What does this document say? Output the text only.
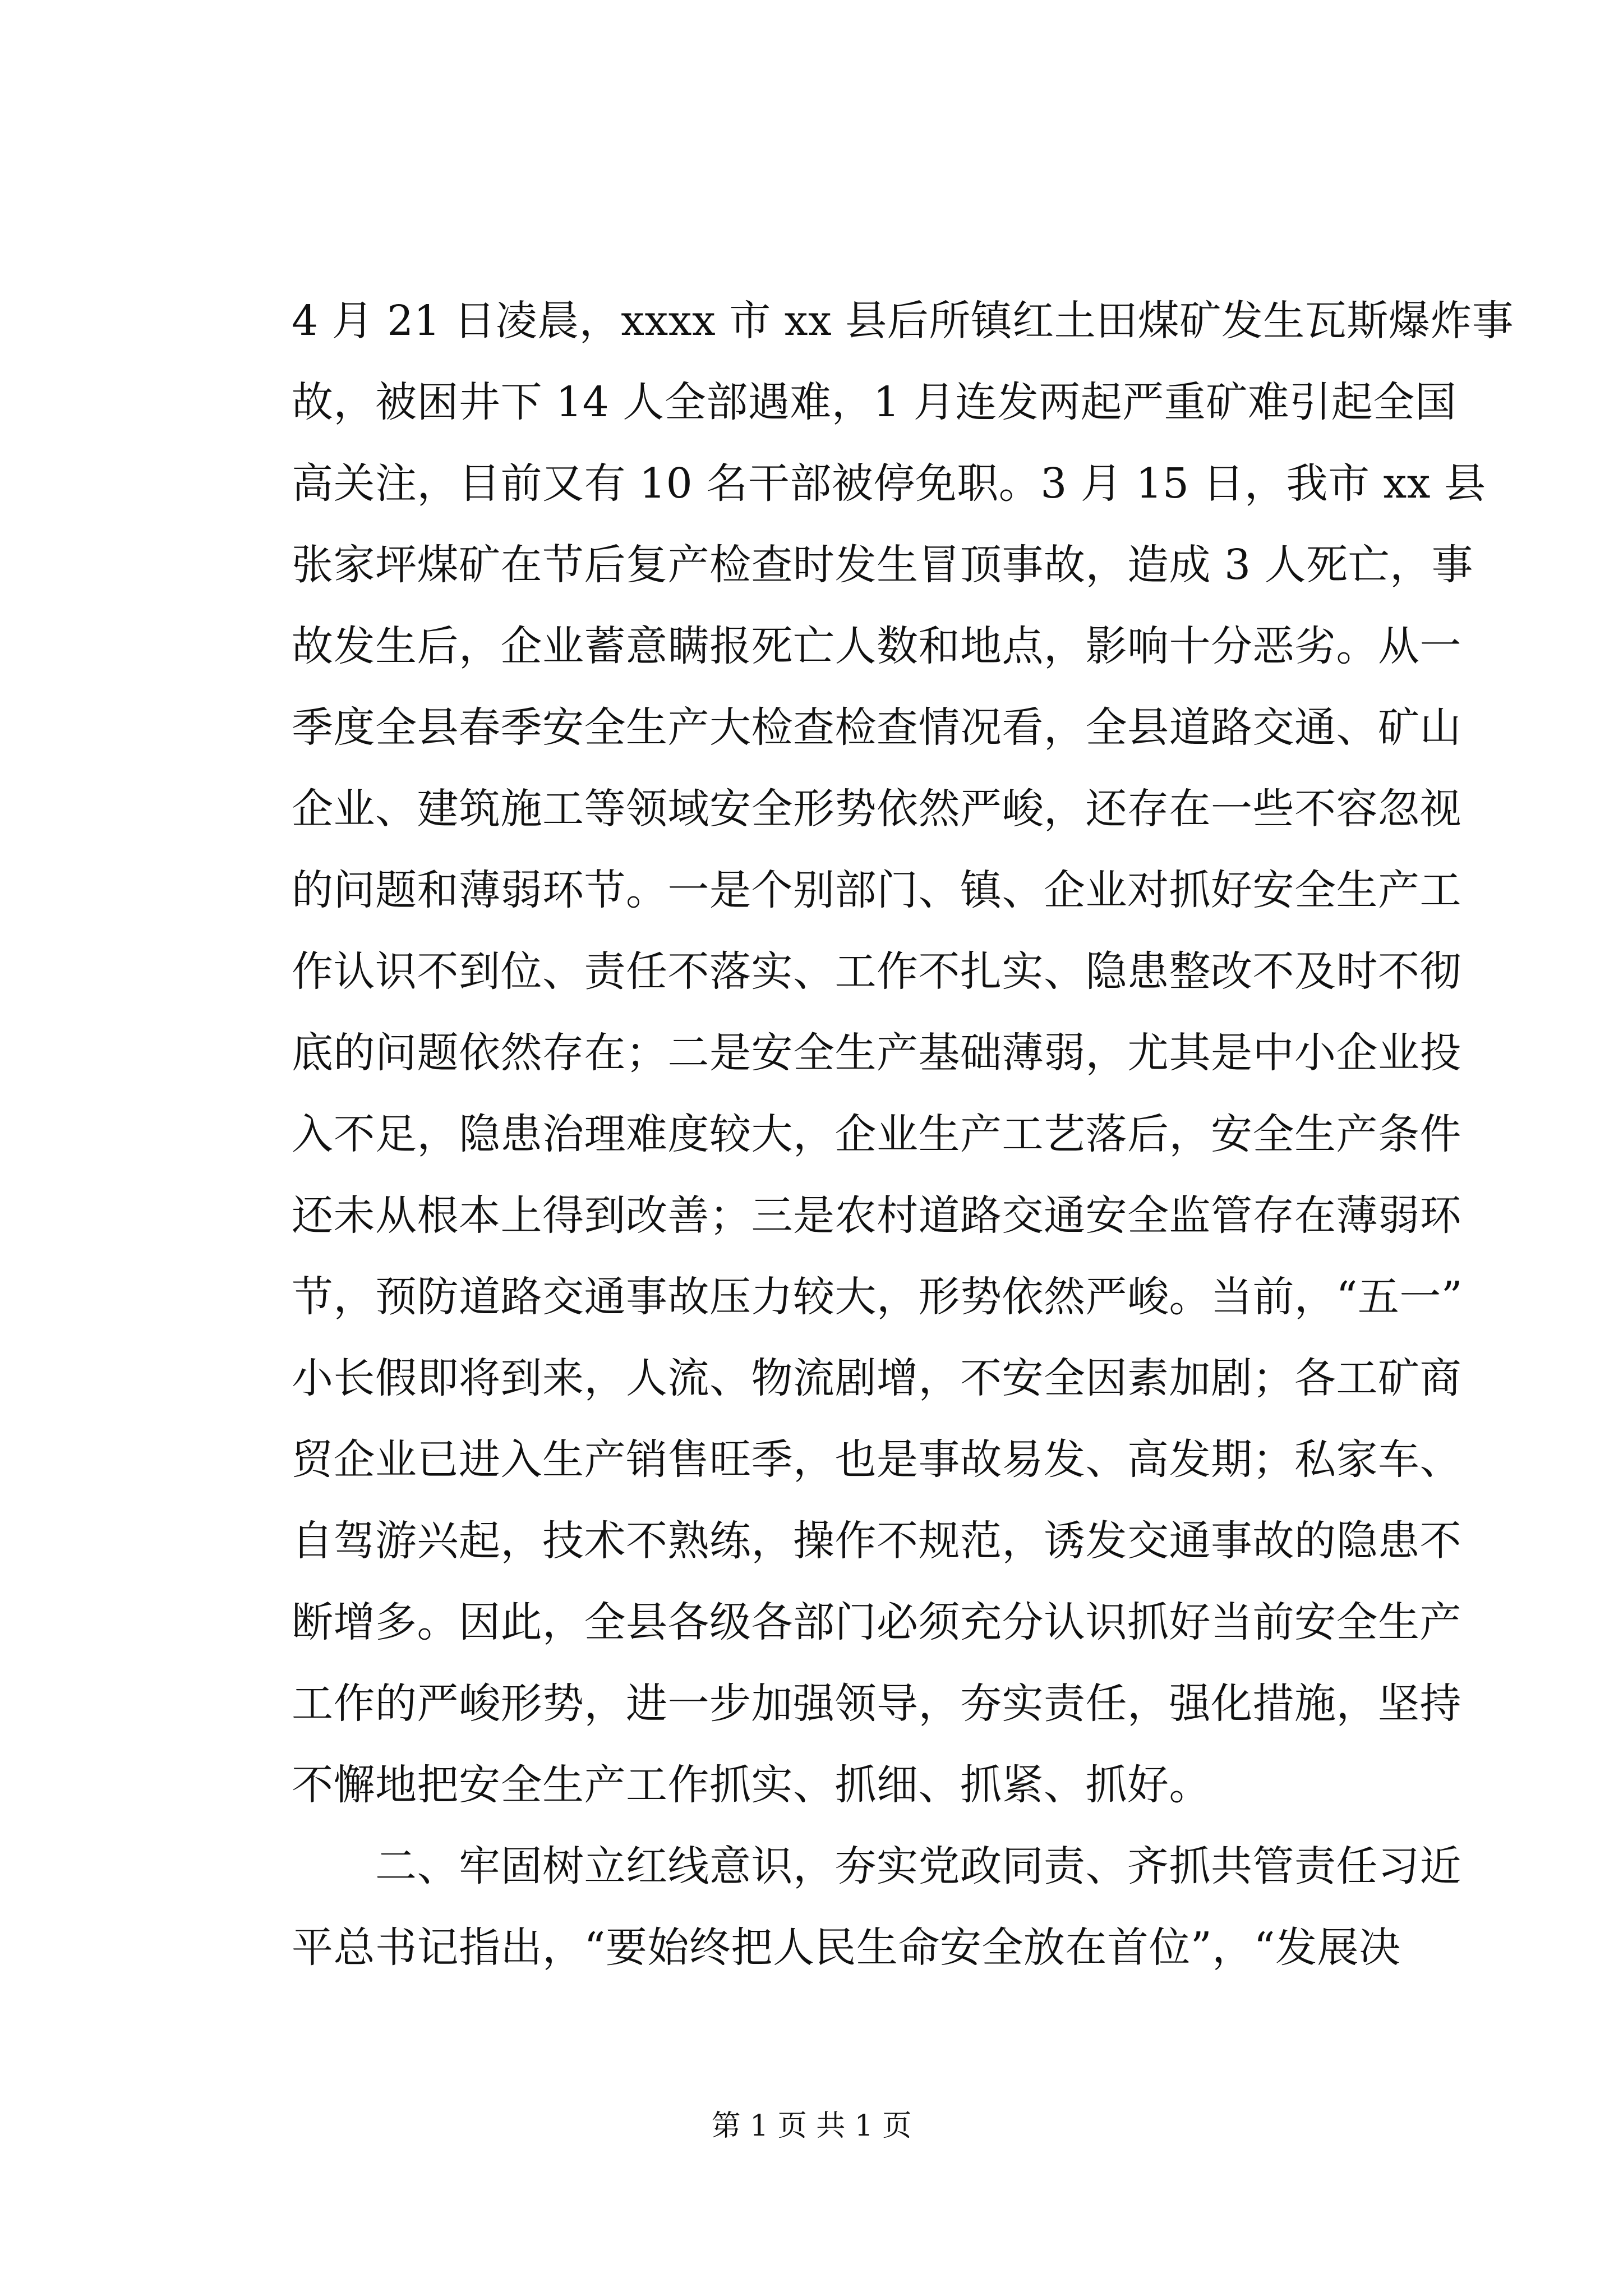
4 月 21 日凌晨，xxxx 市 xx 县后所镇红土田煤矿发生瓦斯爆炸事
故，被困井下 14 人全部遇难，1 月连发两起严重矿难引起全国
高关注，目前又有 10 名干部被停免职。3 月 15 日，我市 xx 县
张家坪煤矿在节后复产检查时发生冒顶事故，造成 3 人死亡，事
故发生后，企业蓄意瞒报死亡人数和地点，影响十分恶劣。从一
季度全县春季安全生产大检查检查情况看，全县道路交通、矿山
企业、建筑施工等领域安全形势依然严峻，还存在一些不容忽视
的问题和薄弱环节。一是个别部门、镇、企业对抓好安全生产工
作认识不到位、责任不落实、工作不扎实、隐患整改不及时不彻
底的问题依然存在；二是安全生产基础薄弱，尤其是中小企业投
入不足，隐患治理难度较大，企业生产工艺落后，安全生产条件
还未从根本上得到改善；三是农村道路交通安全监管存在薄弱环
节，预防道路交通事故压力较大，形势依然严峻。当前，“五一”
小长假即将到来，人流、物流剧增，不安全因素加剧；各工矿商
贸企业已进入生产销售旺季，也是事故易发、高发期；私家车、
自驾游兴起，技术不熟练，操作不规范，诱发交通事故的隐患不
断增多。因此，全县各级各部门必须充分认识抓好当前安全生产
工作的严峻形势，进一步加强领导，夯实责任，强化措施，坚持
不懈地把安全生产工作抓实、抓细、抓紧、抓好。
　　二、牢固树立红线意识，夯实党政同责、齐抓共管责任习近
平总书记指出，“要始终把人民生命安全放在首位”，“发展决
第 1 页 共 1 页
